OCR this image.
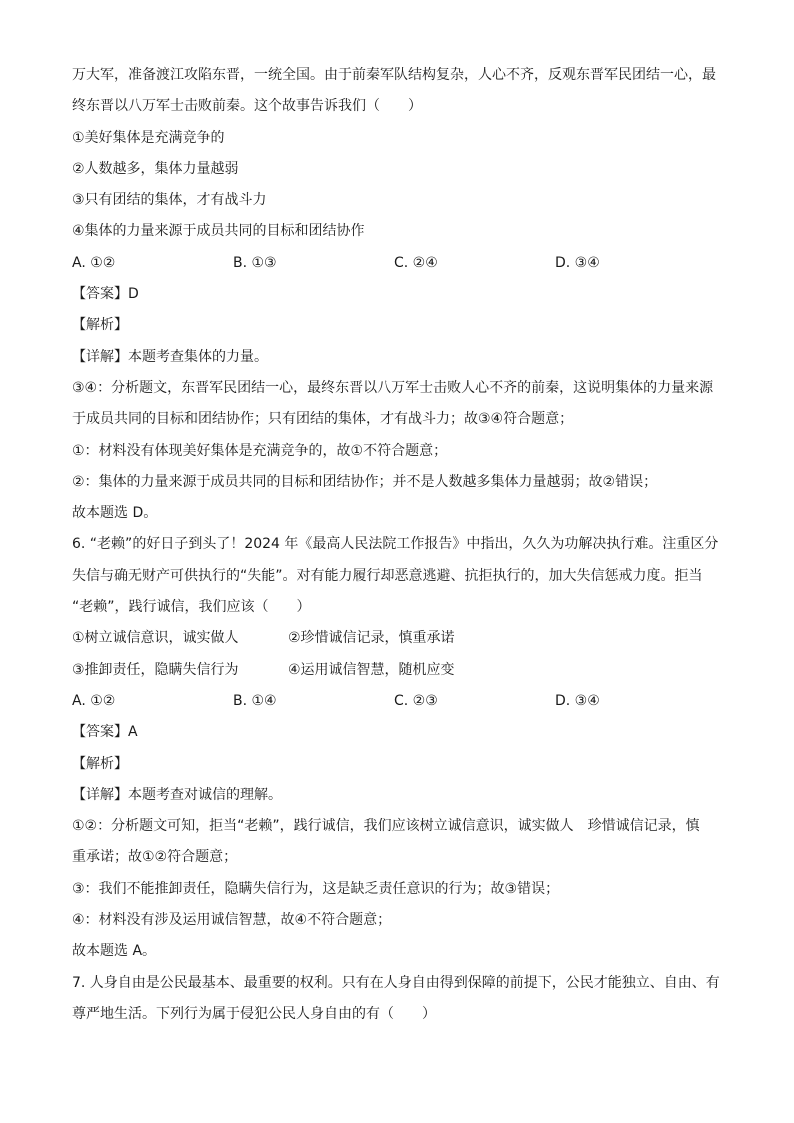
万大军，准备渡江攻陷东晋，一统全国。由于前秦军队结构复杂，人心不齐，反观东晋军民团结一心，最
终东晋以八万军士击败前秦。这个故事告诉我们（　　）
①美好集体是充满竞争的
②人数越多，集体力量越弱
③只有团结的集体，才有战斗力
④集体的力量来源于成员共同的目标和团结协作
A. ①②	B. ①③	C. ②④	D. ③④
【答案】D
【解析】
【详解】本题考查集体的力量。
③④：分析题文，东晋军民团结一心，最终东晋以八万军士击败人心不齐的前秦，这说明集体的力量来源
于成员共同的目标和团结协作；只有团结的集体，才有战斗力；故③④符合题意；
①：材料没有体现美好集体是充满竞争的，故①不符合题意；
②：集体的力量来源于成员共同的目标和团结协作；并不是人数越多集体力量越弱；故②错误；
故本题选 D。
6. “老赖”的好日子到头了！2024 年《最高人民法院工作报告》中指出，久久为功解决执行难。注重区分
失信与确无财产可供执行的“失能”。对有能力履行却恶意逃避、抗拒执行的，加大失信惩戒力度。拒当
“老赖”，践行诚信，我们应该（　　）
①树立诚信意识，诚实做人	②珍惜诚信记录，慎重承诺
③推卸责任，隐瞒失信行为	④运用诚信智慧，随机应变
A. ①②	B. ①④	C. ②③	D. ③④
【答案】A
【解析】
【详解】本题考查对诚信的理解。
①②：分析题文可知，拒当“老赖”，践行诚信，我们应该树立诚信意识，诚实做人　珍惜诚信记录，慎
重承诺；故①②符合题意；
③：我们不能推卸责任，隐瞒失信行为，这是缺乏责任意识的行为；故③错误；
④：材料没有涉及运用诚信智慧，故④不符合题意；
故本题选 A。
7. 人身自由是公民最基本、最重要的权利。只有在人身自由得到保障的前提下，公民才能独立、自由、有
尊严地生活。下列行为属于侵犯公民人身自由的有（　　）
